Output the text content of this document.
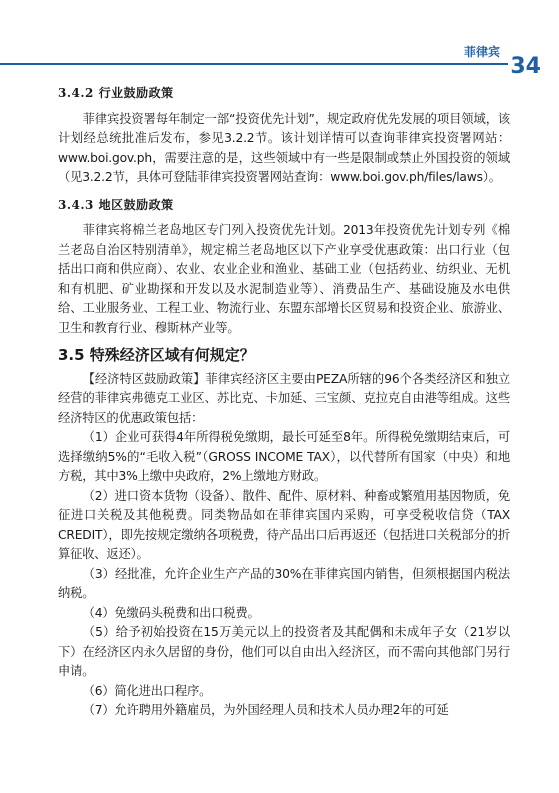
菲律宾
34
3.4.2 行业鼓励政策

菲律宾投资署每年制定一部“投资优先计划”，规定政府优先发展的项目领域，该计划经总统批准后发布，参见3.2.2节。该计划详情可以查询菲律宾投资署网站：www.boi.gov.ph，需要注意的是，这些领域中有一些是限制或禁止外国投资的领域（见3.2.2节，具体可登陆菲律宾投资署网站查询：www.boi.gov.ph/files/laws）。

3.4.3 地区鼓励政策

菲律宾将棉兰老岛地区专门列入投资优先计划。2013年投资优先计划专列《棉兰老岛自治区特别清单》，规定棉兰老岛地区以下产业享受优惠政策：出口行业（包括出口商和供应商）、农业、农业企业和渔业、基础工业（包括药业、纺织业、无机和有机肥、矿业勘探和开发以及水泥制造业等）、消费品生产、基础设施及水电供给、工业服务业、工程工业、物流行业、东盟东部增长区贸易和投资企业、旅游业、卫生和教育行业、穆斯林产业等。

3.5 特殊经济区域有何规定？

【经济特区鼓励政策】菲律宾经济区主要由PEZA所辖的96个各类经济区和独立经营的菲律宾弗德克工业区、苏比克、卡加延、三宝颜、克拉克自由港等组成。这些经济特区的优惠政策包括：

（1）企业可获得4年所得税免缴期，最长可延至8年。所得税免缴期结束后，可选择缴纳5%的“毛收入税”（GROSS INCOME TAX），以代替所有国家（中央）和地方税，其中3%上缴中央政府，2%上缴地方财政。

（2）进口资本货物（设备）、散件、配件、原材料、种畜或繁殖用基因物质，免征进口关税及其他税费。同类物品如在菲律宾国内采购，可享受税收信贷（TAX CREDIT），即先按规定缴纳各项税费，待产品出口后再返还（包括进口关税部分的折算征收、返还）。

（3）经批准，允许企业生产产品的30%在菲律宾国内销售，但须根据国内税法纳税。

（4）免缴码头税费和出口税费。

（5）给予初始投资在15万美元以上的投资者及其配偶和未成年子女（21岁以下）在经济区内永久居留的身份，他们可以自由出入经济区，而不需向其他部门另行申请。

（6）简化进出口程序。

（7）允许聘用外籍雇员，为外国经理人员和技术人员办理2年的可延
